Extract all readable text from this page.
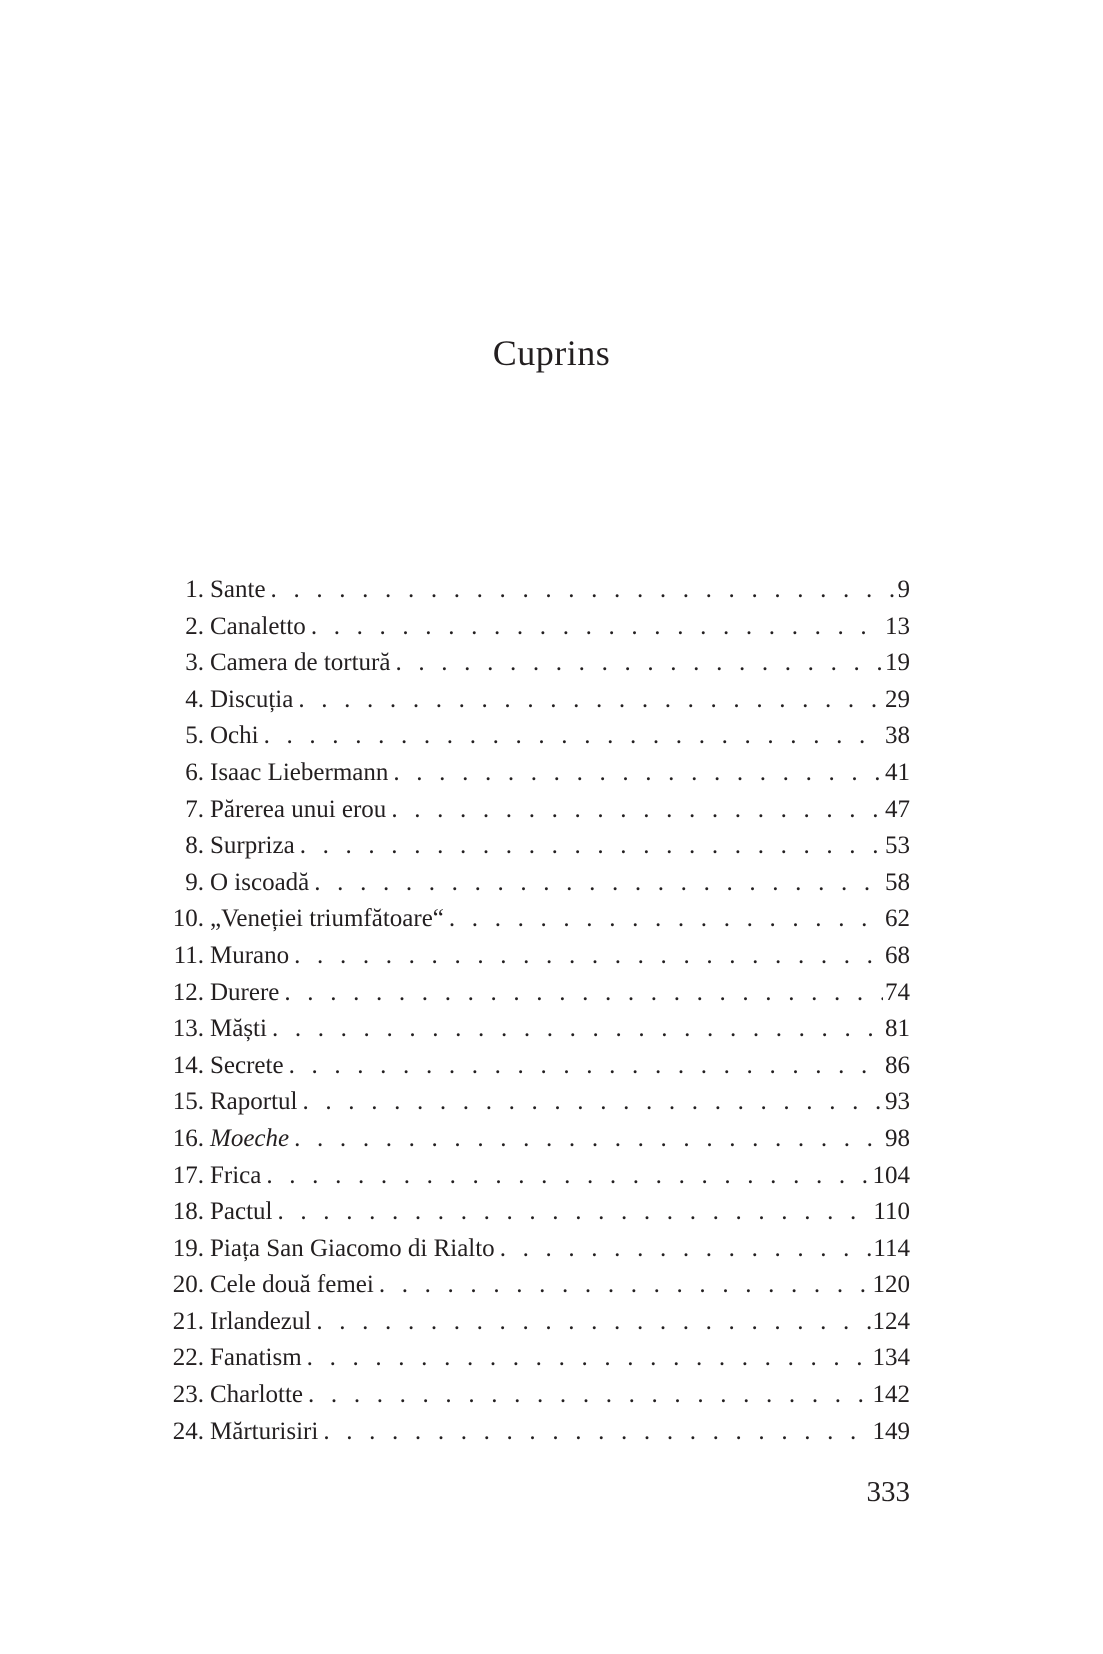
Cuprins
1. Sante . . .	9
2. Canaletto . . .	13
3. Camera de tortură . . .	19
4. Discuția . . .	29
5. Ochi . . .	38
6. Isaac Liebermann . . .	41
7. Părerea unui erou . . .	47
8. Surpriza . . .	53
9. O iscoadă . . .	58
10. „Veneției triumfătoare“ . . .	62
11. Murano . . .	68
12. Durere . . .	74
13. Măști . . .	81
14. Secrete . . .	86
15. Raportul . . .	93
16. Moeche . . .	98
17. Frica . . .	104
18. Pactul . . .	110
19. Piața San Giacomo di Rialto . . .	114
20. Cele două femei . . .	120
21. Irlandezul . . .	124
22. Fanatism . . .	134
23. Charlotte . . .	142
24. Mărturisiri . . .	149
333
